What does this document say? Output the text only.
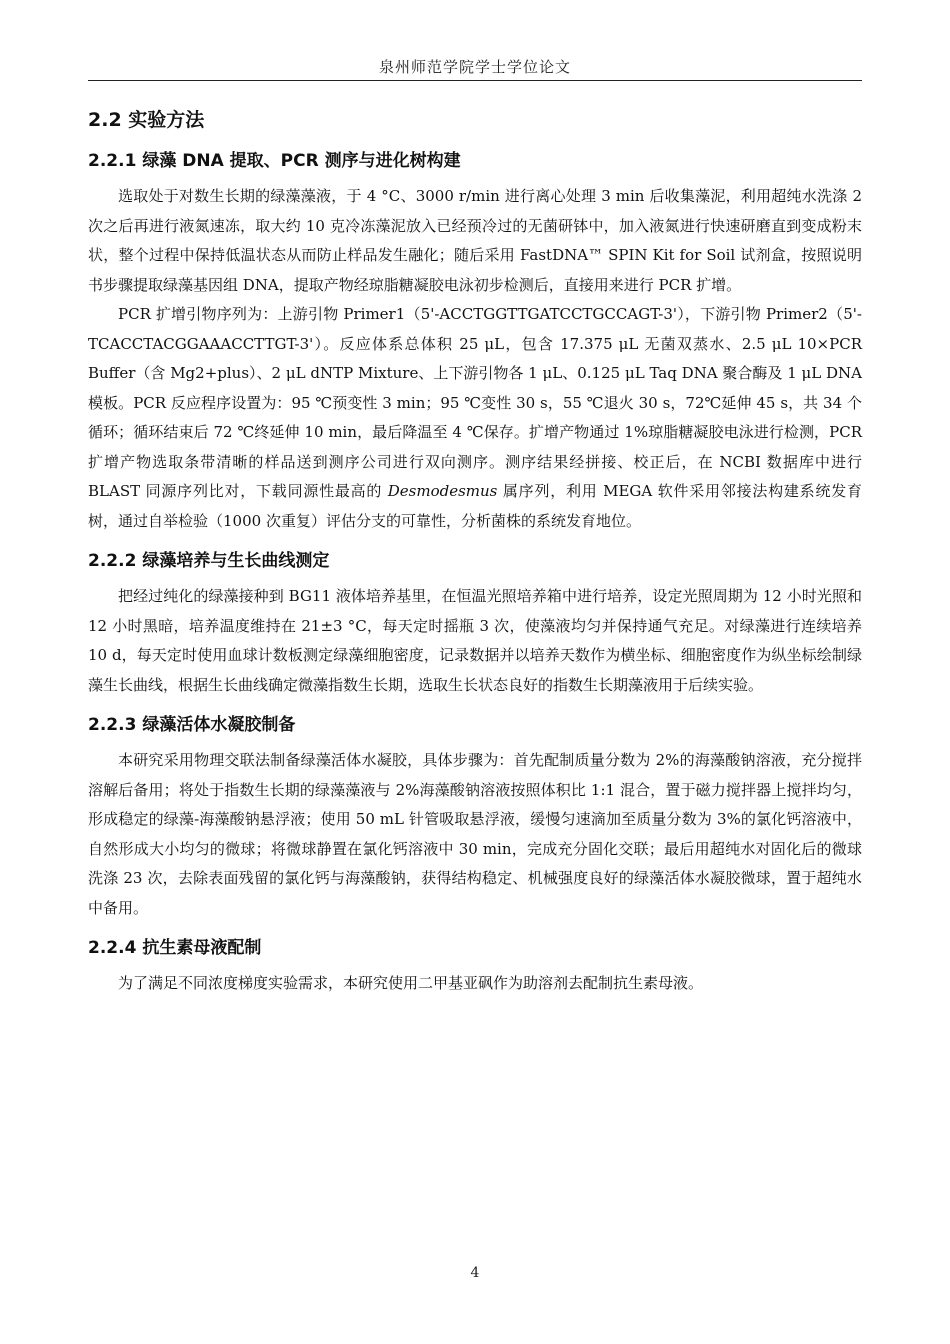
泉州师范学院学士学位论文
2.2 实验方法
2.2.1 绿藻 DNA 提取、PCR 测序与进化树构建

选取处于对数生长期的绿藻藻液，于 4 °C、3000 r/min 进行离心处理 3 min 后收集藻泥，利用超纯水洗涤 2 次之后再进行液氮速冻，取大约 10 克冷冻藻泥放入已经预冷过的无菌研钵中，加入液氮进行快速研磨直到变成粉末状，整个过程中保持低温状态从而防止样品发生融化；随后采用 FastDNA™ SPIN Kit for Soil 试剂盒，按照说明书步骤提取绿藻基因组 DNA，提取产物经琼脂糖凝胶电泳初步检测后，直接用来进行 PCR 扩增。

PCR 扩增引物序列为：上游引物 Primer1（5'-ACCTGGTTGATCCTGCCAGT-3'），下游引物 Primer2（5'-TCACCTACGGAAACCTTGT-3'）。反应体系总体积 25 μL，包含 17.375 μL 无菌双蒸水、2.5 μL 10×PCR Buffer（含 Mg2+plus）、2 μL dNTP Mixture、上下游引物各 1 μL、0.125 μL Taq DNA 聚合酶及 1 μL DNA 模板。PCR 反应程序设置为：95 ℃预变性 3 min；95 ℃变性 30 s，55 ℃退火 30 s，72℃延伸 45 s，共 34 个循环；循环结束后 72 ℃终延伸 10 min，最后降温至 4 ℃保存。扩增产物通过 1%琼脂糖凝胶电泳进行检测，PCR 扩增产物选取条带清晰的样品送到测序公司进行双向测序。测序结果经拼接、校正后，在 NCBI 数据库中进行 BLAST 同源序列比对，下载同源性最高的 Desmodesmus 属序列，利用 MEGA 软件采用邻接法构建系统发育树，通过自举检验（1000 次重复）评估分支的可靠性，分析菌株的系统发育地位。

2.2.2 绿藻培养与生长曲线测定

把经过纯化的绿藻接种到 BG11 液体培养基里，在恒温光照培养箱中进行培养，设定光照周期为 12 小时光照和 12 小时黑暗，培养温度维持在 21±3 °C，每天定时摇瓶 3 次，使藻液均匀并保持通气充足。对绿藻进行连续培养 10 d，每天定时使用血球计数板测定绿藻细胞密度，记录数据并以培养天数作为横坐标、细胞密度作为纵坐标绘制绿藻生长曲线，根据生长曲线确定微藻指数生长期，选取生长状态良好的指数生长期藻液用于后续实验。

2.2.3 绿藻活体水凝胶制备

本研究采用物理交联法制备绿藻活体水凝胶，具体步骤为：首先配制质量分数为 2%的海藻酸钠溶液，充分搅拌溶解后备用；将处于指数生长期的绿藻藻液与 2%海藻酸钠溶液按照体积比 1:1 混合，置于磁力搅拌器上搅拌均匀，形成稳定的绿藻-海藻酸钠悬浮液；使用 50 mL 针管吸取悬浮液，缓慢匀速滴加至质量分数为 3%的氯化钙溶液中，自然形成大小均匀的微球；将微球静置在氯化钙溶液中 30 min，完成充分固化交联；最后用超纯水对固化后的微球洗涤 23 次，去除表面残留的氯化钙与海藻酸钠，获得结构稳定、机械强度良好的绿藻活体水凝胶微球，置于超纯水中备用。

2.2.4 抗生素母液配制

为了满足不同浓度梯度实验需求，本研究使用二甲基亚砜作为助溶剂去配制抗生素母液。

4
